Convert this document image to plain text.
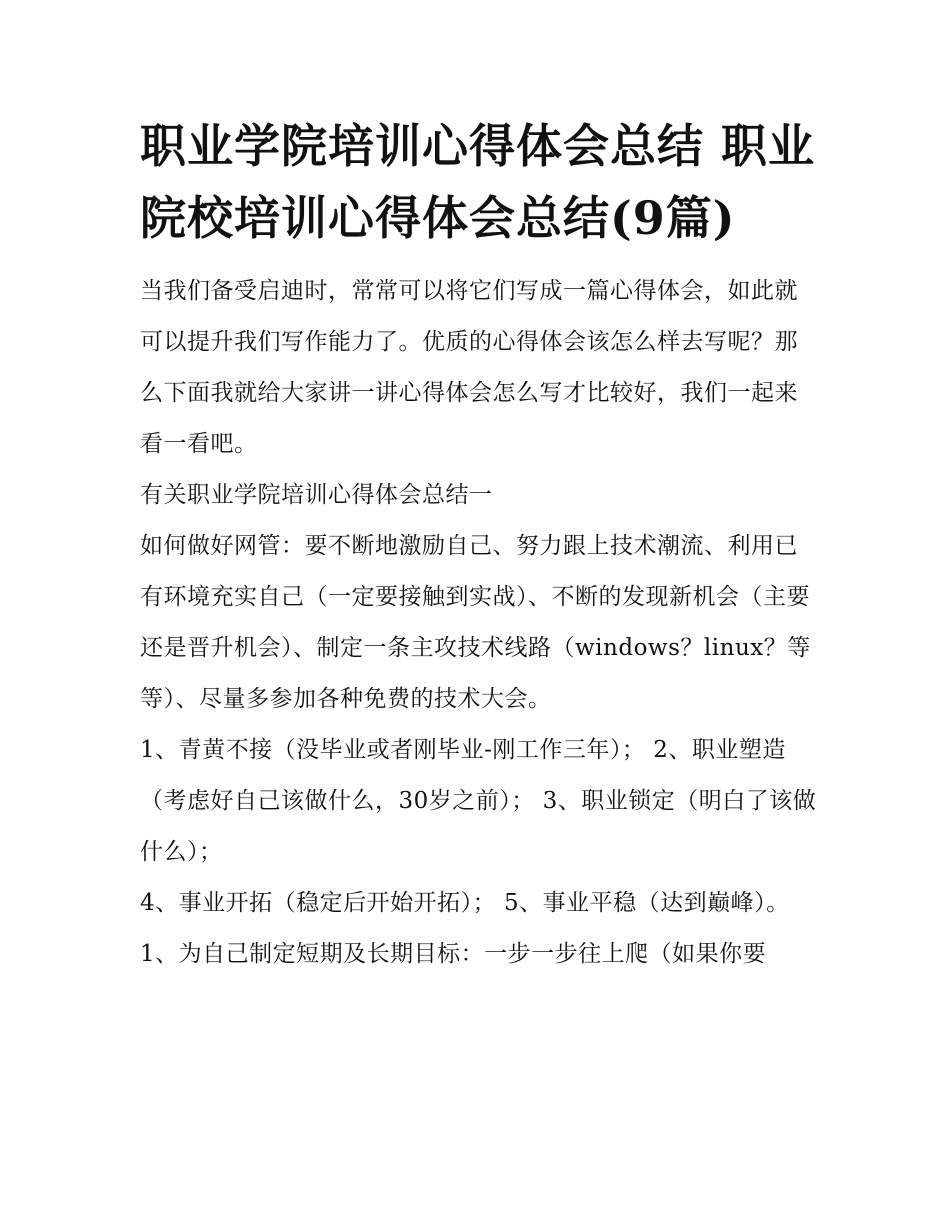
职业学院培训心得体会总结 职业院校培训心得体会总结(9篇)

当我们备受启迪时，常常可以将它们写成一篇心得体会，如此就可以提升我们写作能力了。优质的心得体会该怎么样去写呢？那么下面我就给大家讲一讲心得体会怎么写才比较好，我们一起来看一看吧。

有关职业学院培训心得体会总结一

如何做好网管：要不断地激励自己、努力跟上技术潮流、利用已有环境充实自己（一定要接触到实战）、不断的发现新机会（主要还是晋升机会）、制定一条主攻技术线路（windows？linux？等等）、尽量多参加各种免费的技术大会。

1、青黄不接（没毕业或者刚毕业-刚工作三年）； 2、职业塑造（考虑好自己该做什么，30岁之前）； 3、职业锁定（明白了该做什么）；

4、事业开拓（稳定后开始开拓）； 5、事业平稳（达到巅峰）。

1、为自己制定短期及长期目标：一步一步往上爬（如果你要
